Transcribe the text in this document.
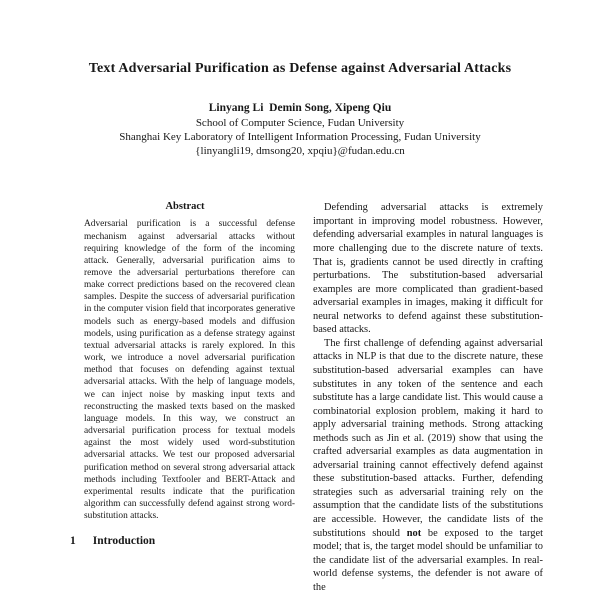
Text Adversarial Purification as Defense against Adversarial Attacks
Linyang Li  Demin Song, Xipeng Qiu
School of Computer Science, Fudan University
Shanghai Key Laboratory of Intelligent Information Processing, Fudan University
{linyangli19, dmsong20, xpqiu}@fudan.edu.cn
Abstract

Adversarial purification is a successful defense mechanism against adversarial attacks without requiring knowledge of the form of the incoming attack. Generally, adversarial purification aims to remove the adversarial perturbations therefore can make correct predictions based on the recovered clean samples. Despite the success of adversarial purification in the computer vision field that incorporates generative models such as energy-based models and diffusion models, using purification as a defense strategy against textual adversarial attacks is rarely explored. In this work, we introduce a novel adversarial purification method that focuses on defending against textual adversarial attacks. With the help of language models, we can inject noise by masking input texts and reconstructing the masked texts based on the masked language models. In this way, we construct an adversarial purification process for textual models against the most widely used word-substitution adversarial attacks. We test our proposed adversarial purification method on several strong adversarial attack methods including Textfooler and BERT-Attack and experimental results indicate that the purification algorithm can successfully defend against strong word-substitution attacks.

1 Introduction

Defending adversarial attacks is extremely important in improving model robustness. However, defending adversarial examples in natural languages is more challenging due to the discrete nature of texts. That is, gradients cannot be used directly in crafting perturbations. The substitution-based adversarial examples are more complicated than gradient-based adversarial examples in images, making it difficult for neural networks to defend against these substitution-based attacks.

The first challenge of defending against adversarial attacks in NLP is that due to the discrete nature, these substitution-based adversarial examples can have substitutes in any token of the sentence and each substitute has a large candidate list. This would cause a combinatorial explosion problem, making it hard to apply adversarial training methods. Strong attacking methods such as Jin et al. (2019) show that using the crafted adversarial examples as data augmentation in adversarial training cannot effectively defend against these substitution-based attacks. Further, defending strategies such as adversarial training rely on the assumption that the candidate lists of the substitutions are accessible. However, the candidate lists of the substitutions should not be exposed to the target model; that is, the target model should be unfamiliar to the candidate list of the adversarial examples. In real-world defense systems, the defender is not aware of the
